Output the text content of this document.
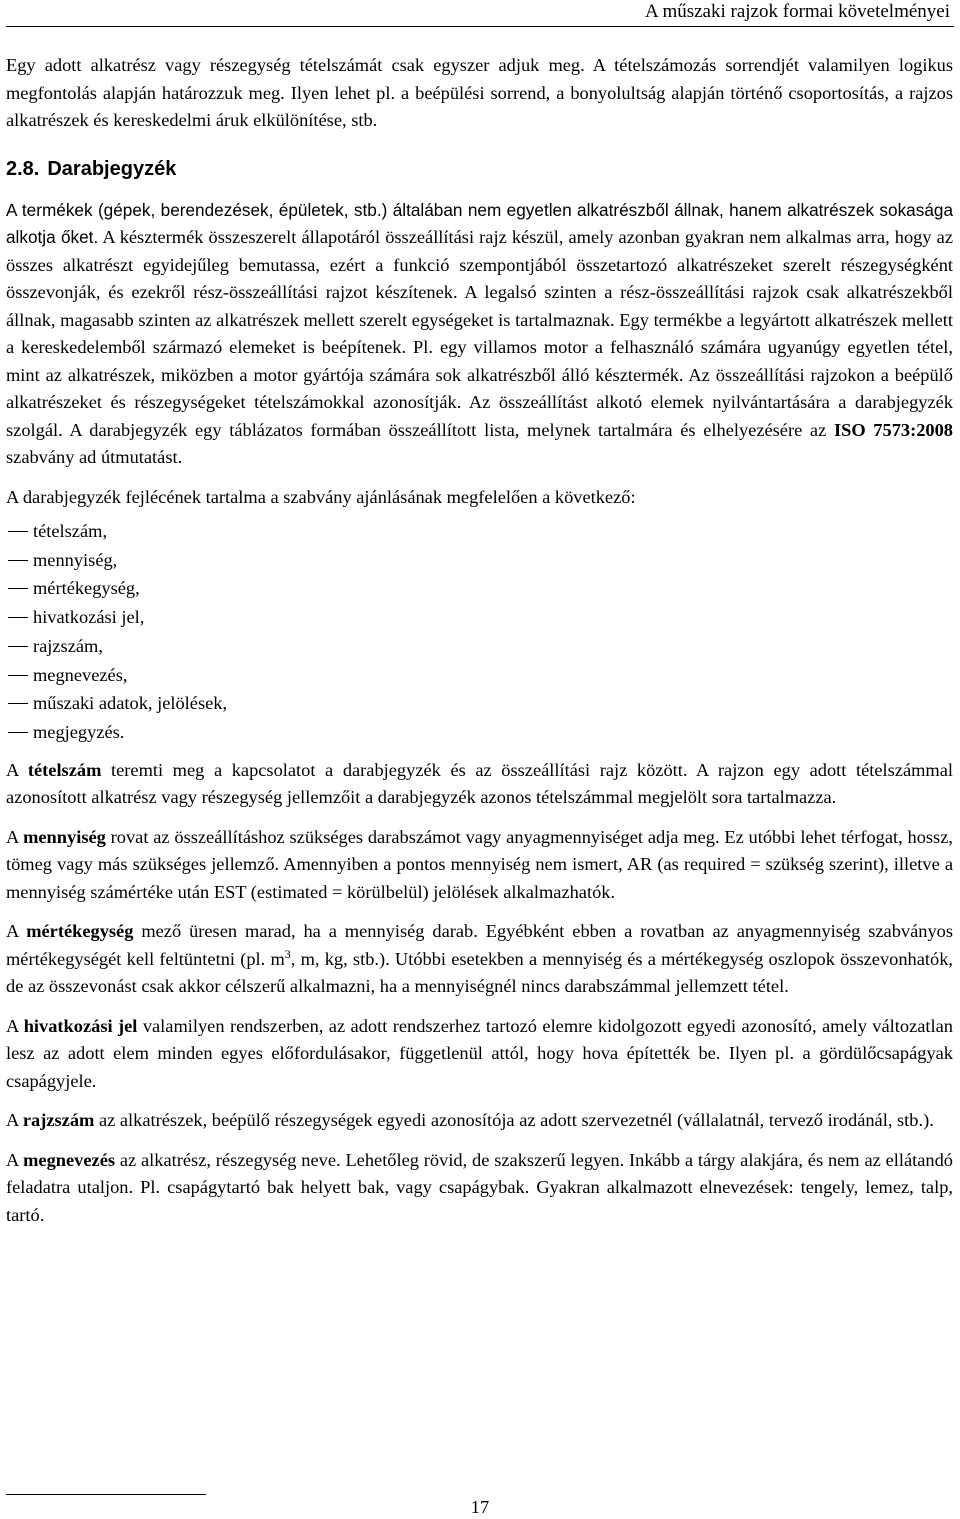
A műszaki rajzok formai követelményei

Egy adott alkatrész vagy részegység tételszámát csak egyszer adjuk meg. A tételszámozás sorrendjét valamilyen logikus megfontolás alapján határozzuk meg. Ilyen lehet pl. a beépülési sorrend, a bonyolultság alapján történő csoportosítás, a rajzos alkatrészek és kereskedelmi áruk elkülönítése, stb.

2.8. Darabjegyzék

A termékek (gépek, berendezések, épületek, stb.) általában nem egyetlen alkatrészből állnak, hanem alkatrészek sokasága alkotja őket. A késztermék összeszerelt állapotáról összeállítási rajz készül, amely azonban gyakran nem alkalmas arra, hogy az összes alkatrészt egyidejűleg bemutassa, ezért a funkció szempontjából összetartozó alkatrészeket szerelt részegységként összevonják, és ezekről rész-összeállítási rajzot készítenek. A legalsó szinten a rész-összeállítási rajzok csak alkatrészekből állnak, magasabb szinten az alkatrészek mellett szerelt egységeket is tartalmaznak. Egy termékbe a legyártott alkatrészek mellett a kereskedelemből származó elemeket is beépítenek. Pl. egy villamos motor a felhasználó számára ugyanúgy egyetlen tétel, mint az alkatrészek, miközben a motor gyártója számára sok alkatrészből álló késztermék. Az összeállítási rajzokon a beépülő alkatrészeket és részegységeket tételszámokkal azonosítják. Az összeállítást alkotó elemek nyilvántartására a darabjegyzék szolgál. A darabjegyzék egy táblázatos formában összeállított lista, melynek tartalmára és elhelyezésére az ISO 7573:2008 szabvány ad útmutatást.

A darabjegyzék fejlécének tartalma a szabvány ajánlásának megfelelően a következő:

tételszám,
mennyiség,
mértékegység,
hivatkozási jel,
rajzszám,
megnevezés,
műszaki adatok, jelölések,
megjegyzés.

A tételszám teremti meg a kapcsolatot a darabjegyzék és az összeállítási rajz között. A rajzon egy adott tételszámmal azonosított alkatrész vagy részegység jellemzőit a darabjegyzék azonos tételszámmal megjelölt sora tartalmazza.

A mennyiség rovat az összeállításhoz szükséges darabszámot vagy anyagmennyiséget adja meg. Ez utóbbi lehet térfogat, hossz, tömeg vagy más szükséges jellemző. Amennyiben a pontos mennyiség nem ismert, AR (as required = szükség szerint), illetve a mennyiség számértéke után EST (estimated = körülbelül) jelölések alkalmazhatók.

A mértékegység mező üresen marad, ha a mennyiség darab. Egyébként ebben a rovatban az anyagmennyiség szabványos mértékegységét kell feltüntetni (pl. $m^3$, m, kg, stb.). Utóbbi esetekben a mennyiség és a mértékegység oszlopok összevonhatók, de az összevonást csak akkor célszerű alkalmazni, ha a mennyiségnél nincs darabszámmal jellemzett tétel.

A hivatkozási jel valamilyen rendszerben, az adott rendszerhez tartozó elemre kidolgozott egyedi azonosító, amely változatlan lesz az adott elem minden egyes előfordulásakor, függetlenül attól, hogy hova építették be. Ilyen pl. a gördülőcsapágyak csapágyjele.

A rajzszám az alkatrészek, beépülő részegységek egyedi azonosítója az adott szervezetnél (vállalatnál, tervező irodánál, stb.).

A megnevezés az alkatrész, részegység neve. Lehetőleg rövid, de szakszerű legyen. Inkább a tárgy alakjára, és nem az ellátandó feladatra utaljon. Pl. csapágytartó bak helyett bak, vagy csapágybak. Gyakran alkalmazott elnevezések: tengely, lemez, talp, tartó.

17
